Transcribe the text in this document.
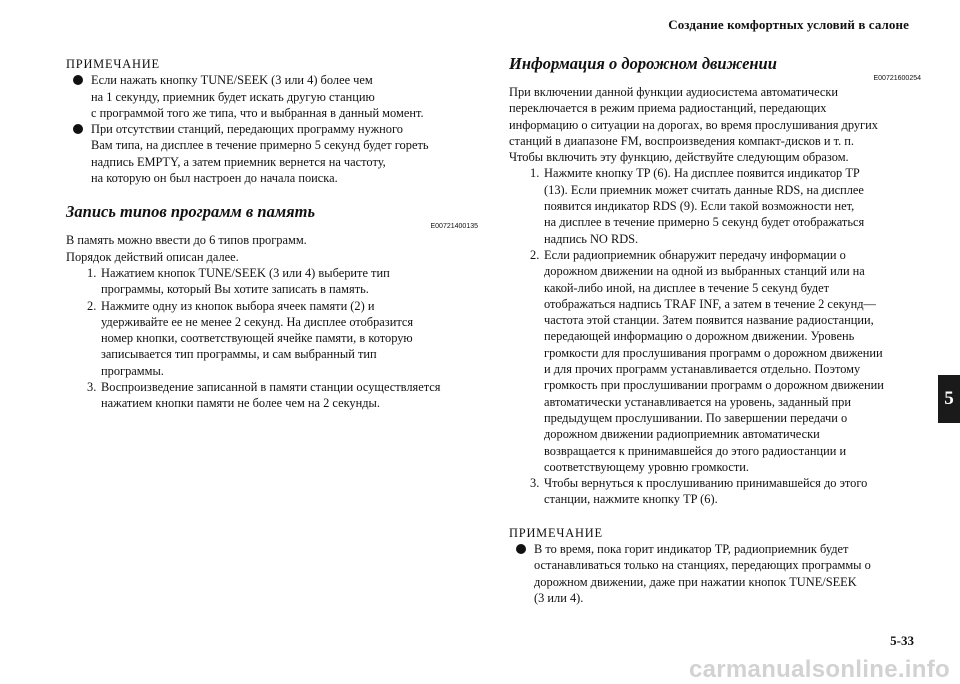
Создание комфортных условий в салоне
ПРИМЕЧАНИЕ
Если нажать кнопку TUNE/SEEK (3 или 4) более чем
на 1 секунду, приемник будет искать другую станцию
с программой того же типа, что и выбранная в данный момент.
При отсутствии станций, передающих программу нужного
Вам типа, на дисплее в течение примерно 5 секунд будет гореть
надпись EMPTY, а затем приемник вернется на частоту,
на которую он был настроен до начала поиска.
Запись типов программ в память
E00721400135
В память можно ввести до 6 типов программ.
Порядок действий описан далее.
1. Нажатием кнопок TUNE/SEEK (3 или 4) выберите тип
программы, который Вы хотите записать в память.
2. Нажмите одну из кнопок выбора ячеек памяти (2) и
удерживайте ее не менее 2 секунд. На дисплее отобразится
номер кнопки, соответствующей ячейке памяти, в которую
записывается тип программы, и сам выбранный тип
программы.
3. Воспроизведение записанной в памяти станции осуществляется
нажатием кнопки памяти не более чем на 2 секунды.
Информация о дорожном движении
E00721600254
При включении данной функции аудиосистема автоматически
переключается в режим приема радиостанций, передающих
информацию о ситуации на дорогах, во время прослушивания других
станций в диапазоне FM, воспроизведения компакт-дисков и т. п.
Чтобы включить эту функцию, действуйте следующим образом.
1. Нажмите кнопку TP (6). На дисплее появится индикатор TP
(13). Если приемник может считать данные RDS, на дисплее
появится индикатор RDS (9). Если такой возможности нет,
на дисплее в течение примерно 5 секунд будет отображаться
надпись NO RDS.
2. Если радиоприемник обнаружит передачу информации о
дорожном движении на одной из выбранных станций или на
какой-либо иной, на дисплее в течение 5 секунд будет
отображаться надпись TRAF INF, а затем в течение 2 секунд—
частота этой станции. Затем появится название радиостанции,
передающей информацию о дорожном движении. Уровень
громкости для прослушивания программ о дорожном движении
и для прочих программ устанавливается отдельно. Поэтому
громкость при прослушивании программ о дорожном движении
автоматически устанавливается на уровень, заданный при
предыдущем прослушивании. По завершении передачи о
дорожном движении радиоприемник автоматически
возвращается к принимавшейся до этого радиостанции и
соответствующему уровню громкости.
3. Чтобы вернуться к прослушиванию принимавшейся до этого
станции, нажмите кнопку TP (6).
ПРИМЕЧАНИЕ
В то время, пока горит индикатор TP, радиоприемник будет
останавливаться только на станциях, передающих программы о
дорожном движении, даже при нажатии кнопок TUNE/SEEK
(3 или 4).
5
5-33
carmanualsonline.info
